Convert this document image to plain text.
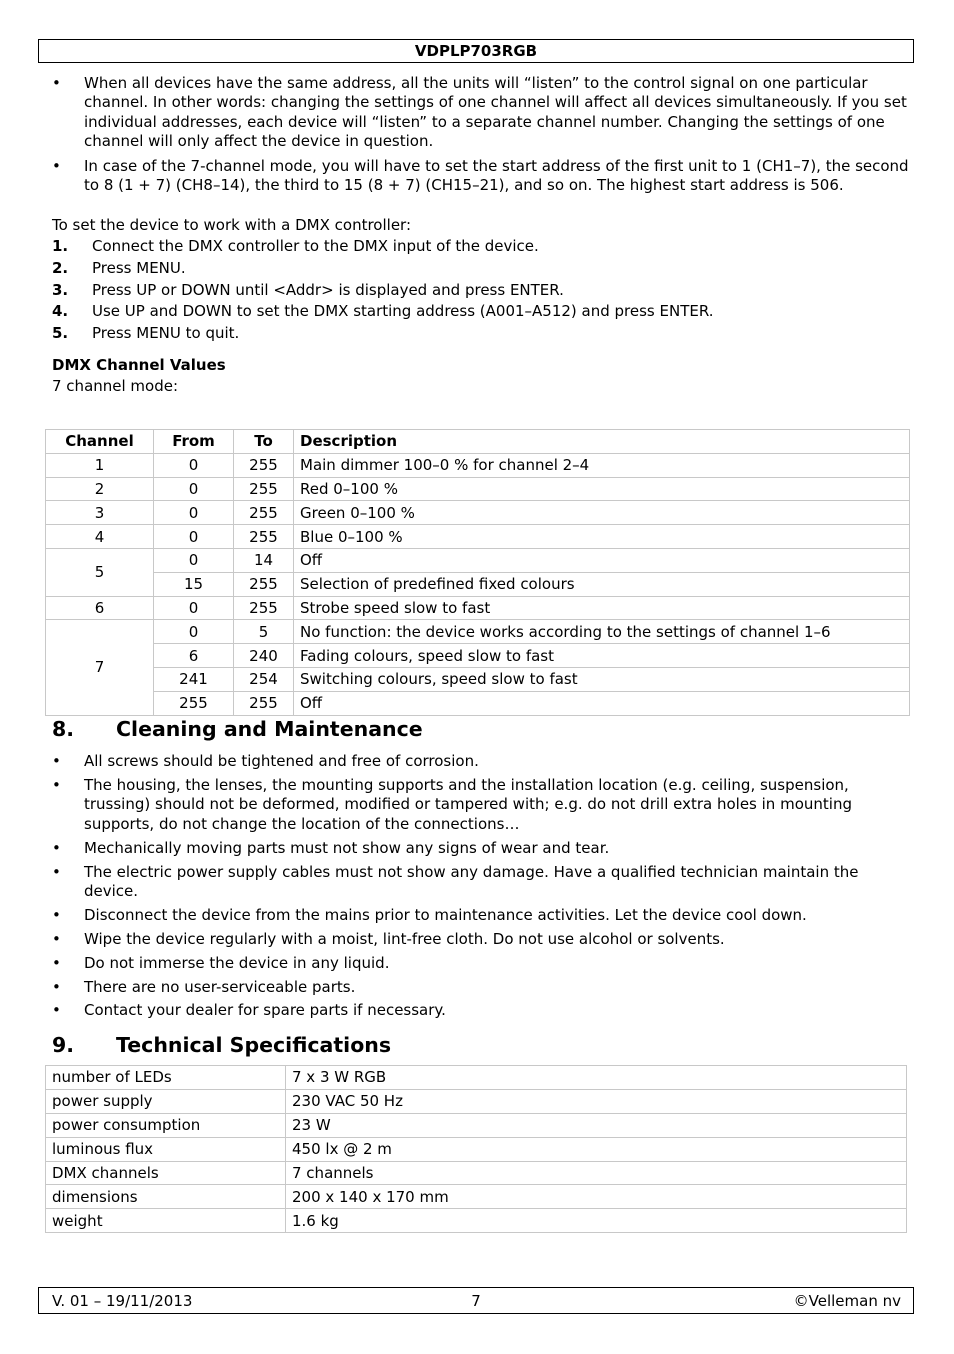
VDPLP703RGB
• When all devices have the same address, all the units will “listen” to the control signal on one particular channel. In other words: changing the settings of one channel will affect all devices simultaneously. If you set individual addresses, each device will “listen” to a separate channel number. Changing the settings of one channel will only affect the device in question.
• In case of the 7-channel mode, you will have to set the start address of the first unit to 1 (CH1–7), the second to 8 (1 + 7) (CH8–14), the third to 15 (8 + 7) (CH15–21), and so on. The highest start address is 506.
To set the device to work with a DMX controller:
1. Connect the DMX controller to the DMX input of the device.
2. Press MENU.
3. Press UP or DOWN until <Addr> is displayed and press ENTER.
4. Use UP and DOWN to set the DMX starting address (A001–A512) and press ENTER.
5. Press MENU to quit.
DMX Channel Values
7 channel mode:
Channel	From	To	Description
1	0	255	Main dimmer 100–0 % for channel 2–4
2	0	255	Red 0–100 %
3	0	255	Green 0–100 %
4	0	255	Blue 0–100 %
5	0	14	Off
	15	255	Selection of predefined fixed colours
6	0	255	Strobe speed slow to fast
7	0	5	No function: the device works according to the settings of channel 1–6
	6	240	Fading colours, speed slow to fast
	241	254	Switching colours, speed slow to fast
	255	255	Off
8. Cleaning and Maintenance
• All screws should be tightened and free of corrosion.
• The housing, the lenses, the mounting supports and the installation location (e.g. ceiling, suspension, trussing) should not be deformed, modified or tampered with; e.g. do not drill extra holes in mounting supports, do not change the location of the connections…
• Mechanically moving parts must not show any signs of wear and tear.
• The electric power supply cables must not show any damage. Have a qualified technician maintain the device.
• Disconnect the device from the mains prior to maintenance activities. Let the device cool down.
• Wipe the device regularly with a moist, lint-free cloth. Do not use alcohol or solvents.
• Do not immerse the device in any liquid.
• There are no user-serviceable parts.
• Contact your dealer for spare parts if necessary.
9. Technical Specifications
number of LEDs	7 x 3 W RGB
power supply	230 VAC 50 Hz
power consumption	23 W
luminous flux	450 lx @ 2 m
DMX channels	7 channels
dimensions	200 x 140 x 170 mm
weight	1.6 kg
7
V. 01 – 19/11/2013	©Velleman nv
